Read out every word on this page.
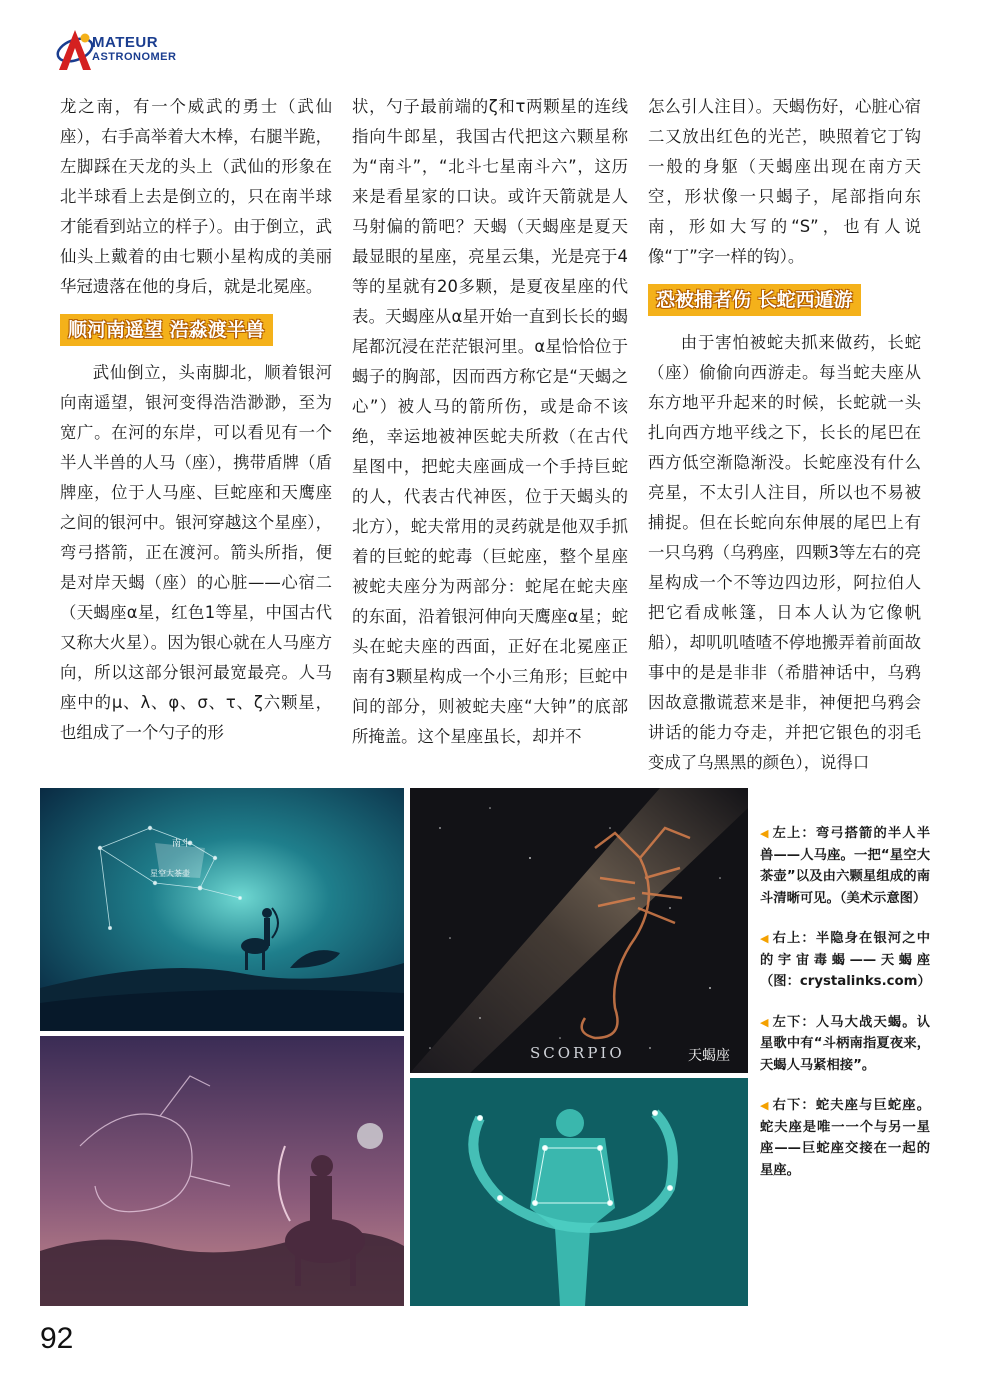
MATEUR
ASTRONOMER

龙之南，有一个威武的勇士（武仙座），右手高举着大木棒，右腿半跪，左脚踩在天龙的头上（武仙的形象在北半球看上去是倒立的，只在南半球才能看到站立的样子）。由于倒立，武仙头上戴着的由七颗小星构成的美丽华冠遗落在他的身后，就是北冕座。

顺河南遥望 浩淼渡半兽

武仙倒立，头南脚北，顺着银河向南遥望，银河变得浩浩渺渺，至为宽广。在河的东岸，可以看见有一个半人半兽的人马（座），携带盾牌（盾牌座，位于人马座、巨蛇座和天鹰座之间的银河中。银河穿越这个星座），弯弓搭箭，正在渡河。箭头所指，便是对岸天蝎（座）的心脏——心宿二（天蝎座α星，红色1等星，中国古代又称大火星）。因为银心就在人马座方向，所以这部分银河最宽最亮。人马座中的μ、λ、φ、σ、τ、ζ六颗星，也组成了一个勺子的形

状，勺子最前端的ζ和τ两颗星的连线指向牛郎星，我国古代把这六颗星称为“南斗”，“北斗七星南斗六”，这历来是看星家的口诀。或许天箭就是人马射偏的箭吧？天蝎（天蝎座是夏天最显眼的星座，亮星云集，光是亮于4等的星就有20多颗，是夏夜星座的代表。天蝎座从α星开始一直到长长的蝎尾都沉浸在茫茫银河里。α星恰恰位于蝎子的胸部，因而西方称它是“天蝎之心”）被人马的箭所伤，或是命不该绝，幸运地被神医蛇夫所救（在古代星图中，把蛇夫座画成一个手持巨蛇的人，代表古代神医，位于天蝎头的北方），蛇夫常用的灵药就是他双手抓着的巨蛇的蛇毒（巨蛇座，整个星座被蛇夫座分为两部分：蛇尾在蛇夫座的东面，沿着银河伸向天鹰座α星；蛇头在蛇夫座的西面，正好在北冕座正南有3颗星构成一个小三角形；巨蛇中间的部分，则被蛇夫座“大钟”的底部所掩盖。这个星座虽长，却并不

怎么引人注目）。天蝎伤好，心脏心宿二又放出红色的光芒，映照着它丁钩一般的身躯（天蝎座出现在南方天空，形状像一只蝎子，尾部指向东南，形如大写的“S”，也有人说像“丁”字一样的钩）。

恐被捕者伤 长蛇西遁游

由于害怕被蛇夫抓来做药，长蛇（座）偷偷向西游走。每当蛇夫座从东方地平升起来的时候，长蛇就一头扎向西方地平线之下，长长的尾巴在西方低空渐隐渐没。长蛇座没有什么亮星，不太引人注目，所以也不易被捕捉。但在长蛇向东伸展的尾巴上有一只乌鸦（乌鸦座，四颗3等左右的亮星构成一个不等边四边形，阿拉伯人把它看成帐篷，日本人认为它像帆船），却叽叽喳喳不停地搬弄着前面故事中的是是非非（希腊神话中，乌鸦因故意撒谎惹来是非，神便把乌鸦会讲话的能力夺走，并把它银色的羽毛变成了乌黑黑的颜色），说得口

南斗
星空大茶壶
SCORPIO	天蝎座

◀ 左上：弯弓搭箭的半人半兽——人马座。一把“星空大茶壶”以及由六颗星组成的南斗清晰可见。（美术示意图）

◀ 右上：半隐身在银河之中的宇宙毒蝎——天蝎座（图：crystalinks.com）

◀ 左下：人马大战天蝎。认星歌中有“斗柄南指夏夜来，天蝎人马紧相接”。

◀ 右下：蛇夫座与巨蛇座。蛇夫座是唯一一个与另一星座——巨蛇座交接在一起的星座。

92
